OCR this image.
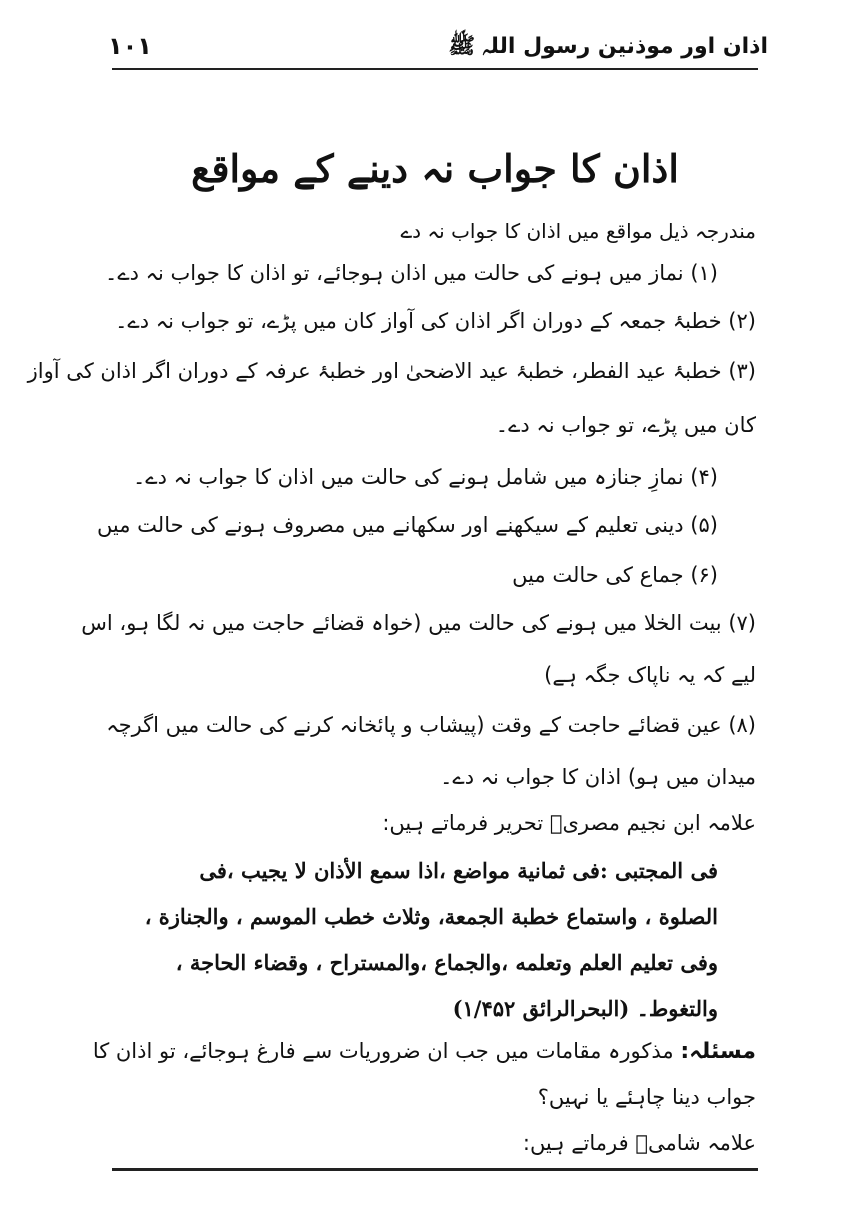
اذان اور موذنین رسول اللہ ﷺ
۱۰۱
اذان کا جواب نہ دینے کے مواقع
مندرجہ ذیل مواقع میں اذان کا جواب نہ دے
(۱) نماز میں ہونے کی حالت میں اذان ہوجائے، تو اذان کا جواب نہ دے۔
(۲) خطبۂ جمعہ کے دوران اگر اذان کی آواز کان میں پڑے، تو جواب نہ دے۔
(۳) خطبۂ عید الفطر، خطبۂ عید الاضحیٰ اور خطبۂ عرفہ کے دوران اگر اذان کی آواز
کان میں پڑے، تو جواب نہ دے۔
(۴) نمازِ جنازہ میں شامل ہونے کی حالت میں اذان کا جواب نہ دے۔
(۵) دینی تعلیم کے سیکھنے اور سکھانے میں مصروف ہونے کی حالت میں
(۶) جماع کی حالت میں
(۷) بیت الخلا میں ہونے کی حالت میں (خواہ قضائے حاجت میں نہ لگا ہو، اس
لیے کہ یہ ناپاک جگہ ہے)
(۸) عین قضائے حاجت کے وقت (پیشاب و پائخانہ کرنے کی حالت میں اگرچہ
میدان میں ہو) اذان کا جواب نہ دے۔
علامہ ابن نجیم مصریؒ تحریر فرماتے ہیں:
فی المجتبی :فی ثمانیة مواضع ،اذا سمع الأذان لا یجیب ،فی
الصلوة ، واستماع خطبة الجمعة، وثلاث خطب الموسم ، والجنازة ،
وفی تعلیم العلم وتعلمه ،والجماع ،والمستراح ، وقضاء الحاجة ،
والتغوط۔ (البحرالرائق ۱/۴۵۲)
مسئلہ: مذکورہ مقامات میں جب ان ضروریات سے فارغ ہوجائے، تو اذان کا
جواب دینا چاہئے یا نہیں؟
علامہ شامیؒ فرماتے ہیں:
